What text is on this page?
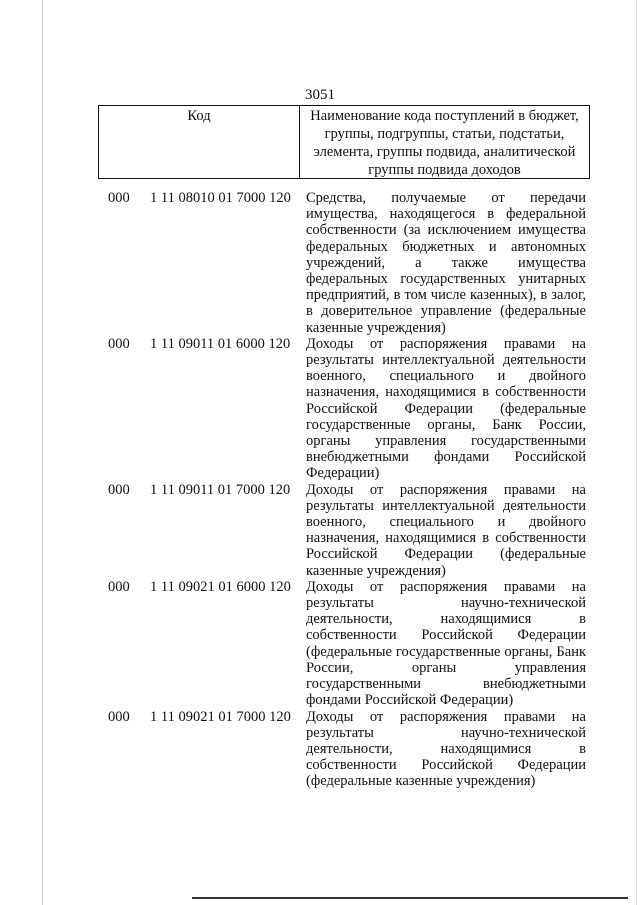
3051
Код	Наименование кода поступлений в бюджет, группы, подгруппы, статьи, подстатьи, элемента, группы подвида, аналитической группы подвида доходов
000 1 11 08010 01 7000 120 Средства, получаемые от передачи имущества, находящегося в федеральной собственности (за исключением имущества федеральных бюджетных и автономных учреждений, а также имущества федеральных государственных унитарных предприятий, в том числе казенных), в залог, в доверительное управление (федеральные казенные учреждения)
000 1 11 09011 01 6000 120 Доходы от распоряжения правами на результаты интеллектуальной деятельности военного, специального и двойного назначения, находящимися в собственности Российской Федерации (федеральные государственные органы, Банк России, органы управления государственными внебюджетными фондами Российской Федерации)
000 1 11 09011 01 7000 120 Доходы от распоряжения правами на результаты интеллектуальной деятельности военного, специального и двойного назначения, находящимися в собственности Российской Федерации (федеральные казенные учреждения)
000 1 11 09021 01 6000 120 Доходы от распоряжения правами на результаты научно-технической деятельности, находящимися в собственности Российской Федерации (федеральные государственные органы, Банк России, органы управления государственными внебюджетными фондами Российской Федерации)
000 1 11 09021 01 7000 120 Доходы от распоряжения правами на результаты научно-технической деятельности, находящимися в собственности Российской Федерации (федеральные казенные учреждения)
